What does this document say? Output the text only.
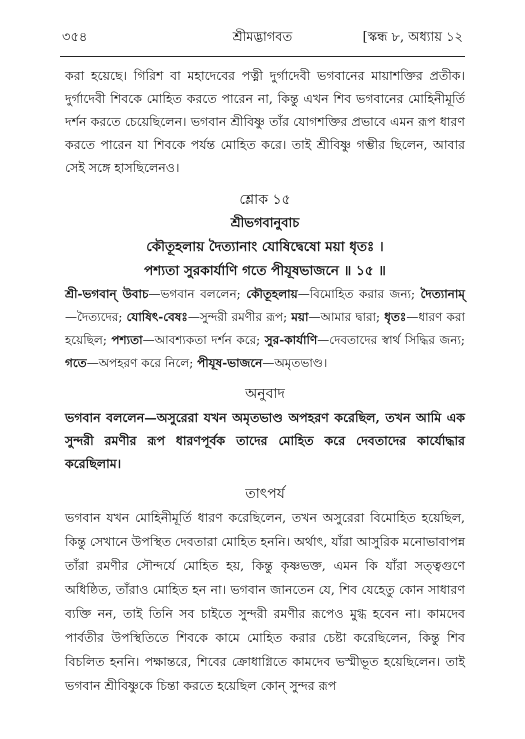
৩৫৪	শ্রীমদ্ভাগবত	[স্কন্ধ ৮, অধ্যায় ১২

করা হয়েছে। গিরিশ বা মহাদেবের পত্নী দুর্গাদেবী ভগবানের মায়াশক্তির প্রতীক। দুর্গাদেবী শিবকে মোহিত করতে পারেন না, কিন্তু এখন শিব ভগবানের মোহিনীমূর্তি দর্শন করতে চেয়েছিলেন। ভগবান শ্রীবিষ্ণু তাঁর যোগশক্তির প্রভাবে এমন রূপ ধারণ করতে পারেন যা শিবকে পর্যন্ত মোহিত করে। তাই শ্রীবিষ্ণু গম্ভীর ছিলেন, আবার সেই সঙ্গে হাসছিলেনও।

শ্লোক ১৫
শ্রীভগবানুবাচ
কৌতূহলায় দৈত্যানাং যোষিদ্বেষো ময়া ধৃতঃ ।
পশ্যতা সুরকার্যাণি গতে পীযূষভাজনে ॥ ১৫ ॥

শ্রী-ভগবান্ উবাচ—ভগবান বললেন; কৌতূহলায়—বিমোহিত করার জন্য; দৈত্যানাম্—দৈত্যদের; যোষিৎ-বেষঃ—সুন্দরী রমণীর রূপ; ময়া—আমার দ্বারা; ধৃতঃ—ধারণ করা হয়েছিল; পশ্যতা—আবশ্যকতা দর্শন করে; সুর-কার্যাণি—দেবতাদের স্বার্থ সিদ্ধির জন্য; গতে—অপহরণ করে নিলে; পীযূষ-ভাজনে—অমৃতভাণ্ড।

অনুবাদ

ভগবান বললেন—অসুরেরা যখন অমৃতভাণ্ড অপহরণ করেছিল, তখন আমি এক সুন্দরী রমণীর রূপ ধারণপূর্বক তাদের মোহিত করে দেবতাদের কার্যোদ্ধার করেছিলাম।

তাৎপর্য

ভগবান যখন মোহিনীমূর্তি ধারণ করেছিলেন, তখন অসুরেরা বিমোহিত হয়েছিল, কিন্তু সেখানে উপস্থিত দেবতারা মোহিত হননি। অর্থাৎ, যাঁরা আসুরিক মনোভাবাপন্ন তাঁরা রমণীর সৌন্দর্যে মোহিত হয়, কিন্তু কৃষ্ণভক্ত, এমন কি যাঁরা সত্ত্বগুণে অধিষ্ঠিত, তাঁরাও মোহিত হন না। ভগবান জানতেন যে, শিব যেহেতু কোন সাধারণ ব্যক্তি নন, তাই তিনি সব চাইতে সুন্দরী রমণীর রূপেও মুগ্ধ হবেন না। কামদেব পার্বতীর উপস্থিতিতে শিবকে কামে মোহিত করার চেষ্টা করেছিলেন, কিন্তু শিব বিচলিত হননি। পক্ষান্তরে, শিবের ক্রোধাগ্নিতে কামদেব ভস্মীভূত হয়েছিলেন। তাই ভগবান শ্রীবিষ্ণুকে চিন্তা করতে হয়েছিল কোন্ সুন্দর রূপ
